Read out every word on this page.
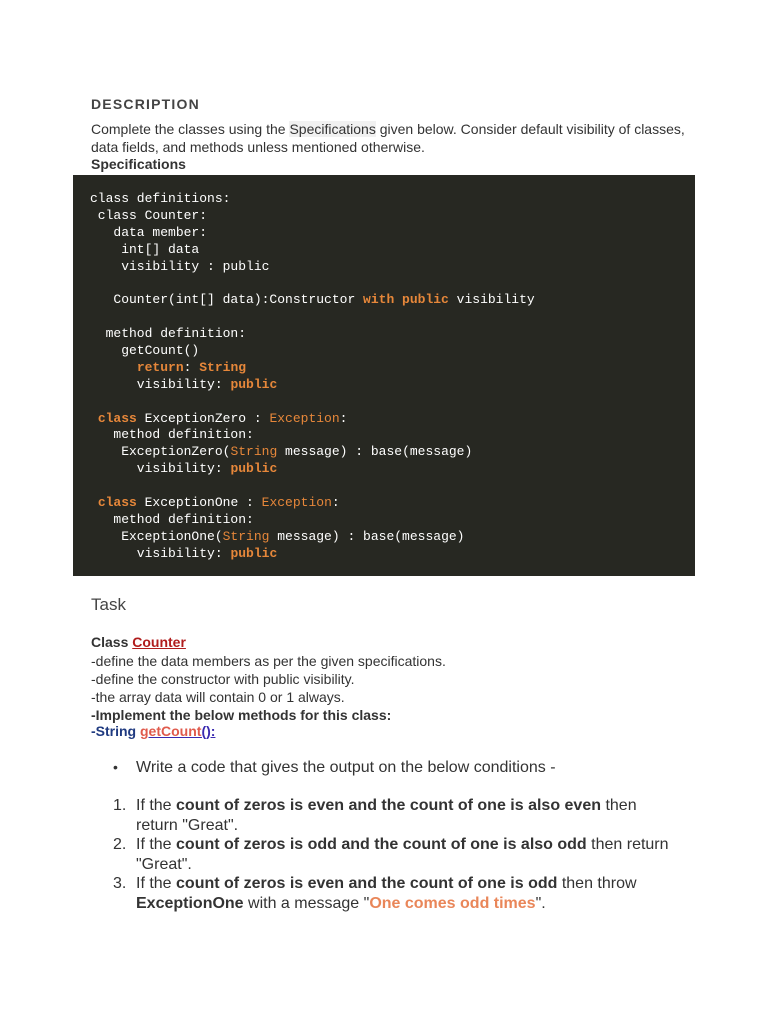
DESCRIPTION
Complete the classes using the Specifications given below. Consider default visibility of classes, data fields, and methods unless mentioned otherwise.
Specifications
class definitions:
class Counter:
data member:
int[] data
visibility : public
Counter(int[] data):Constructor with public visibility
method definition:
getCount()
return: String
visibility: public
class ExceptionZero : Exception:
method definition:
ExceptionZero(String message) : base(message)
visibility: public
class ExceptionOne : Exception:
method definition:
ExceptionOne(String message) : base(message)
visibility: public
Task
Class Counter
-define the data members as per the given specifications.
-define the constructor with public visibility.
-the array data will contain 0 or 1 always.
-Implement the below methods for this class:
-String getCount():
• Write a code that gives the output on the below conditions -
1. If the count of zeros is even and the count of one is also even then return "Great".
2. If the count of zeros is odd and the count of one is also odd then return "Great".
3. If the count of zeros is even and the count of one is odd then throw ExceptionOne with a message "One comes odd times".
